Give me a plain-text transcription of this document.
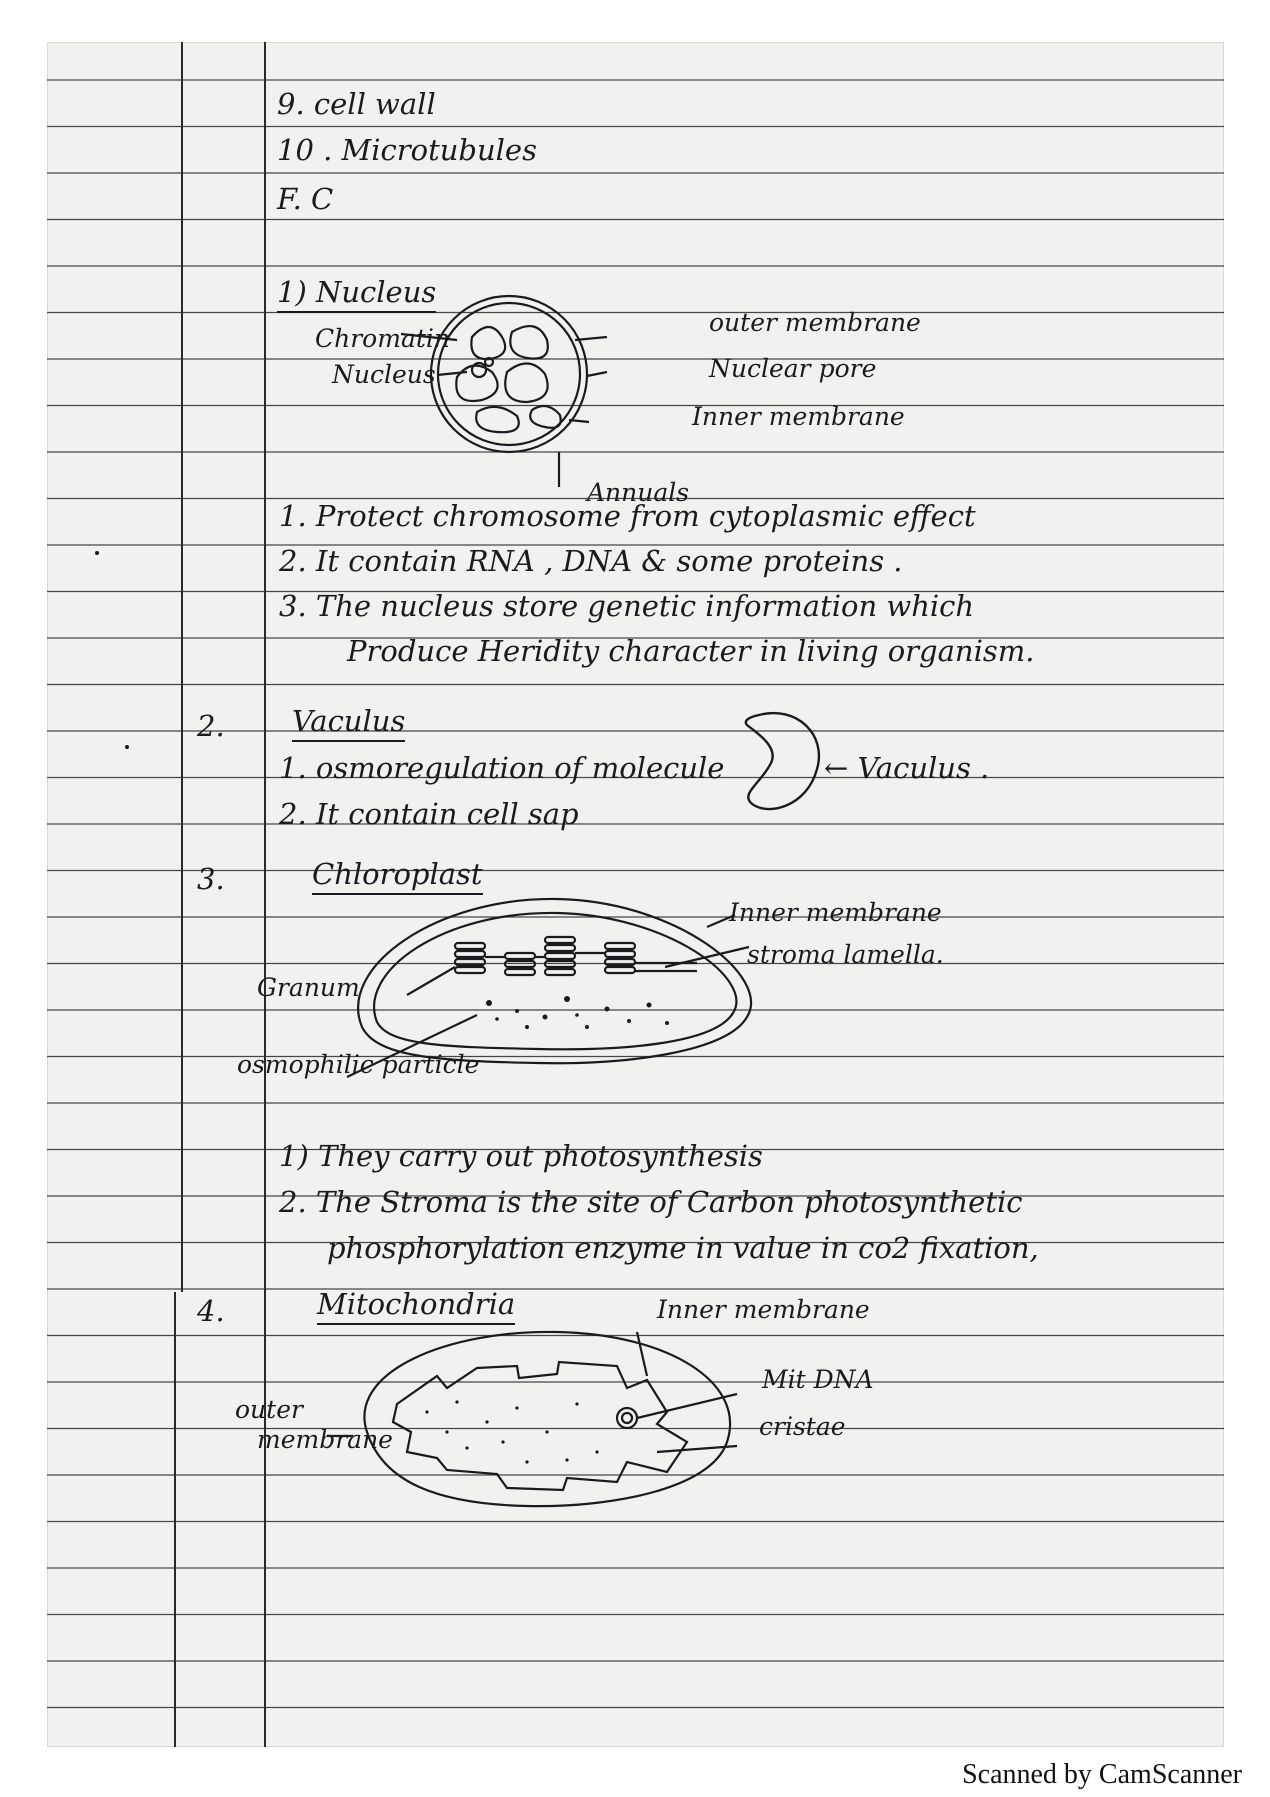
9. cell wall
10 . Microtubules
F. C
1) Nucleus
Chromatin
Nucleus
outer membrane
Nuclear pore
Inner membrane
Annuals
1. Protect chromosome from cytoplasmic effect
2. It contain RNA , DNA & some proteins .
3. The nucleus store genetic information which
Produce Heridity character in living organism.
2. Vaculus
1. osmoregulation of molecule
2. It contain cell sap
← Vaculus .
3.	Chloroplast
Inner membrane
stroma lamella.
Granum
osmophilic particle
1) They carry out photosynthesis
2. The Stroma is the site of Carbon photosynthetic
phosphorylation enzyme in value in co2 fixation,
4.	Mitochondria	Inner membrane
Mit DNA
outer
membrane	cristae
Scanned by CamScanner
